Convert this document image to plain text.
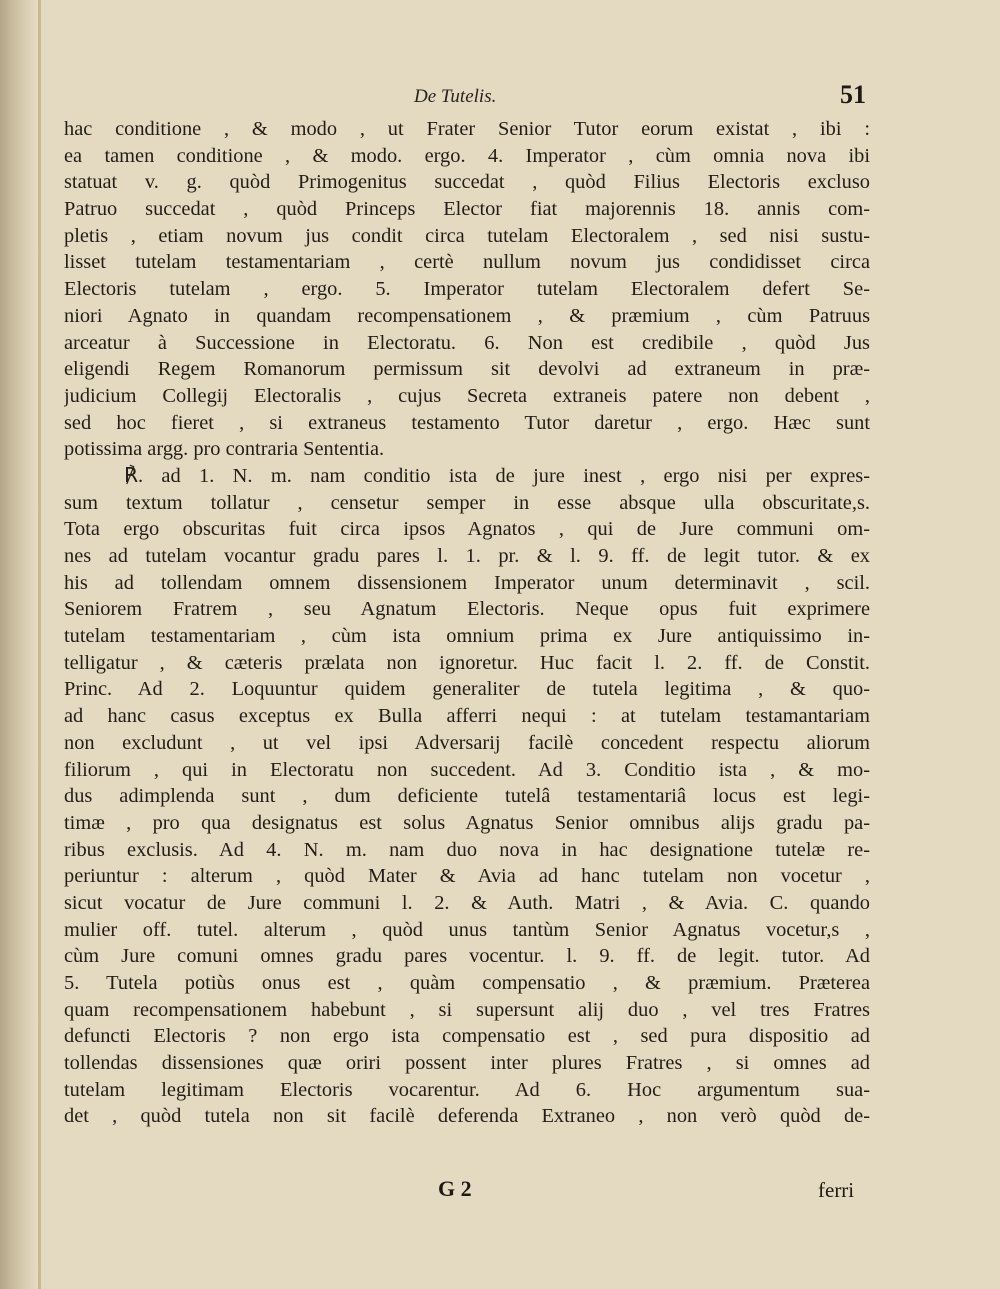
De Tutelis.	51
hac conditione , & modo , ut Frater Senior Tutor eorum existat , ibi :
ea tamen conditione , & modo. ergo. 4. Imperator , cùm omnia nova ibi
statuat v. g. quòd Primogenitus succedat , quòd Filius Electoris excluso
Patruo succedat , quòd Princeps Elector fiat majorennis 18. annis com-
pletis , etiam novum jus condit circa tutelam Electoralem , sed nisi sustu-
lisset tutelam testamentariam , certè nullum novum jus condidisset circa
Electoris tutelam , ergo. 5. Imperator tutelam Electoralem defert Se-
niori Agnato in quandam recompensationem , & præmium , cùm Patruus
arceatur à Successione in Electoratu. 6. Non est credibile , quòd Jus
eligendi Regem Romanorum permissum sit devolvi ad extraneum in præ-
judicium Collegij Electoralis , cujus Secreta extraneis patere non debent ,
sed hoc fieret , si extraneus testamento Tutor daretur , ergo. Hæc sunt
potissima argg. pro contraria Sententia.
℟. ad 1. N. m. nam conditio ista de jure inest , ergo nisi per expres-
sum textum tollatur , censetur semper in esse absque ulla obscuritate,s.
Tota ergo obscuritas fuit circa ipsos Agnatos , qui de Jure communi om-
nes ad tutelam vocantur gradu pares l. 1. pr. & l. 9. ff. de legit tutor. & ex
his ad tollendam omnem dissensionem Imperator unum determinavit , scil.
Seniorem Fratrem , seu Agnatum Electoris. Neque opus fuit exprimere
tutelam testamentariam , cùm ista omnium prima ex Jure antiquissimo in-
telligatur , & cæteris prælata non ignoretur. Huc facit l. 2. ff. de Constit.
Princ. Ad 2. Loquuntur quidem generaliter de tutela legitima , & quo-
ad hanc casus exceptus ex Bulla afferri nequi : at tutelam testamantariam
non excludunt , ut vel ipsi Adversarij facilè concedent respectu aliorum
filiorum , qui in Electoratu non succedent. Ad 3. Conditio ista , & mo-
dus adimplenda sunt , dum deficiente tutelâ testamentariâ locus est legi-
timæ , pro qua designatus est solus Agnatus Senior omnibus alijs gradu pa-
ribus exclusis. Ad 4. N. m. nam duo nova in hac designatione tutelæ re-
periuntur : alterum , quòd Mater & Avia ad hanc tutelam non vocetur ,
sicut vocatur de Jure communi l. 2. & Auth. Matri , & Avia. C. quando
mulier off. tutel. alterum , quòd unus tantùm Senior Agnatus vocetur,s ,
cùm Jure comuni omnes gradu pares vocentur. l. 9. ff. de legit. tutor. Ad
5. Tutela potiùs onus est , quàm compensatio , & præmium. Præterea
quam recompensationem habebunt , si supersunt alij duo , vel tres Fratres
defuncti Electoris ? non ergo ista compensatio est , sed pura dispositio ad
tollendas dissensiones quæ oriri possent inter plures Fratres , si omnes ad
tutelam legitimam Electoris vocarentur. Ad 6. Hoc argumentum sua-
det , quòd tutela non sit facilè deferenda Extraneo , non verò quòd de-
G 2	ferri
